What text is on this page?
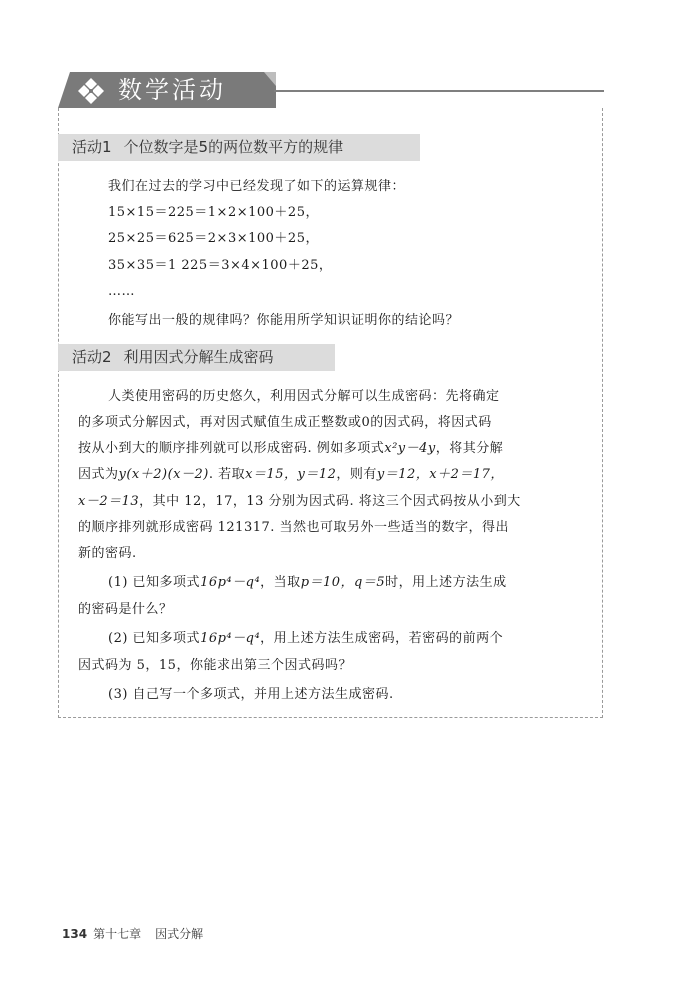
数学活动
活动1 个位数字是5的两位数平方的规律
我们在过去的学习中已经发现了如下的运算规律：
15×15＝225＝1×2×100＋25，
25×25＝625＝2×3×100＋25，
35×35＝1 225＝3×4×100＋25，
……
你能写出一般的规律吗？你能用所学知识证明你的结论吗？
活动2 利用因式分解生成密码
人类使用密码的历史悠久，利用因式分解可以生成密码：先将确定
的多项式分解因式，再对因式赋值生成正整数或0的因式码，将因式码
按从小到大的顺序排列就可以形成密码. 例如多项式x²y－4y，将其分解
因式为y(x＋2)(x－2). 若取x＝15，y＝12，则有y＝12，x＋2＝17，
x－2＝13，其中 12，17，13 分别为因式码. 将这三个因式码按从小到大
的顺序排列就形成密码 121317. 当然也可取另外一些适当的数字，得出
新的密码.
(1) 已知多项式16p⁴－q⁴，当取p＝10，q＝5时，用上述方法生成
的密码是什么？
(2) 已知多项式16p⁴－q⁴，用上述方法生成密码，若密码的前两个
因式码为 5，15，你能求出第三个因式码吗？
(3) 自己写一个多项式，并用上述方法生成密码.
134 第十七章 因式分解
